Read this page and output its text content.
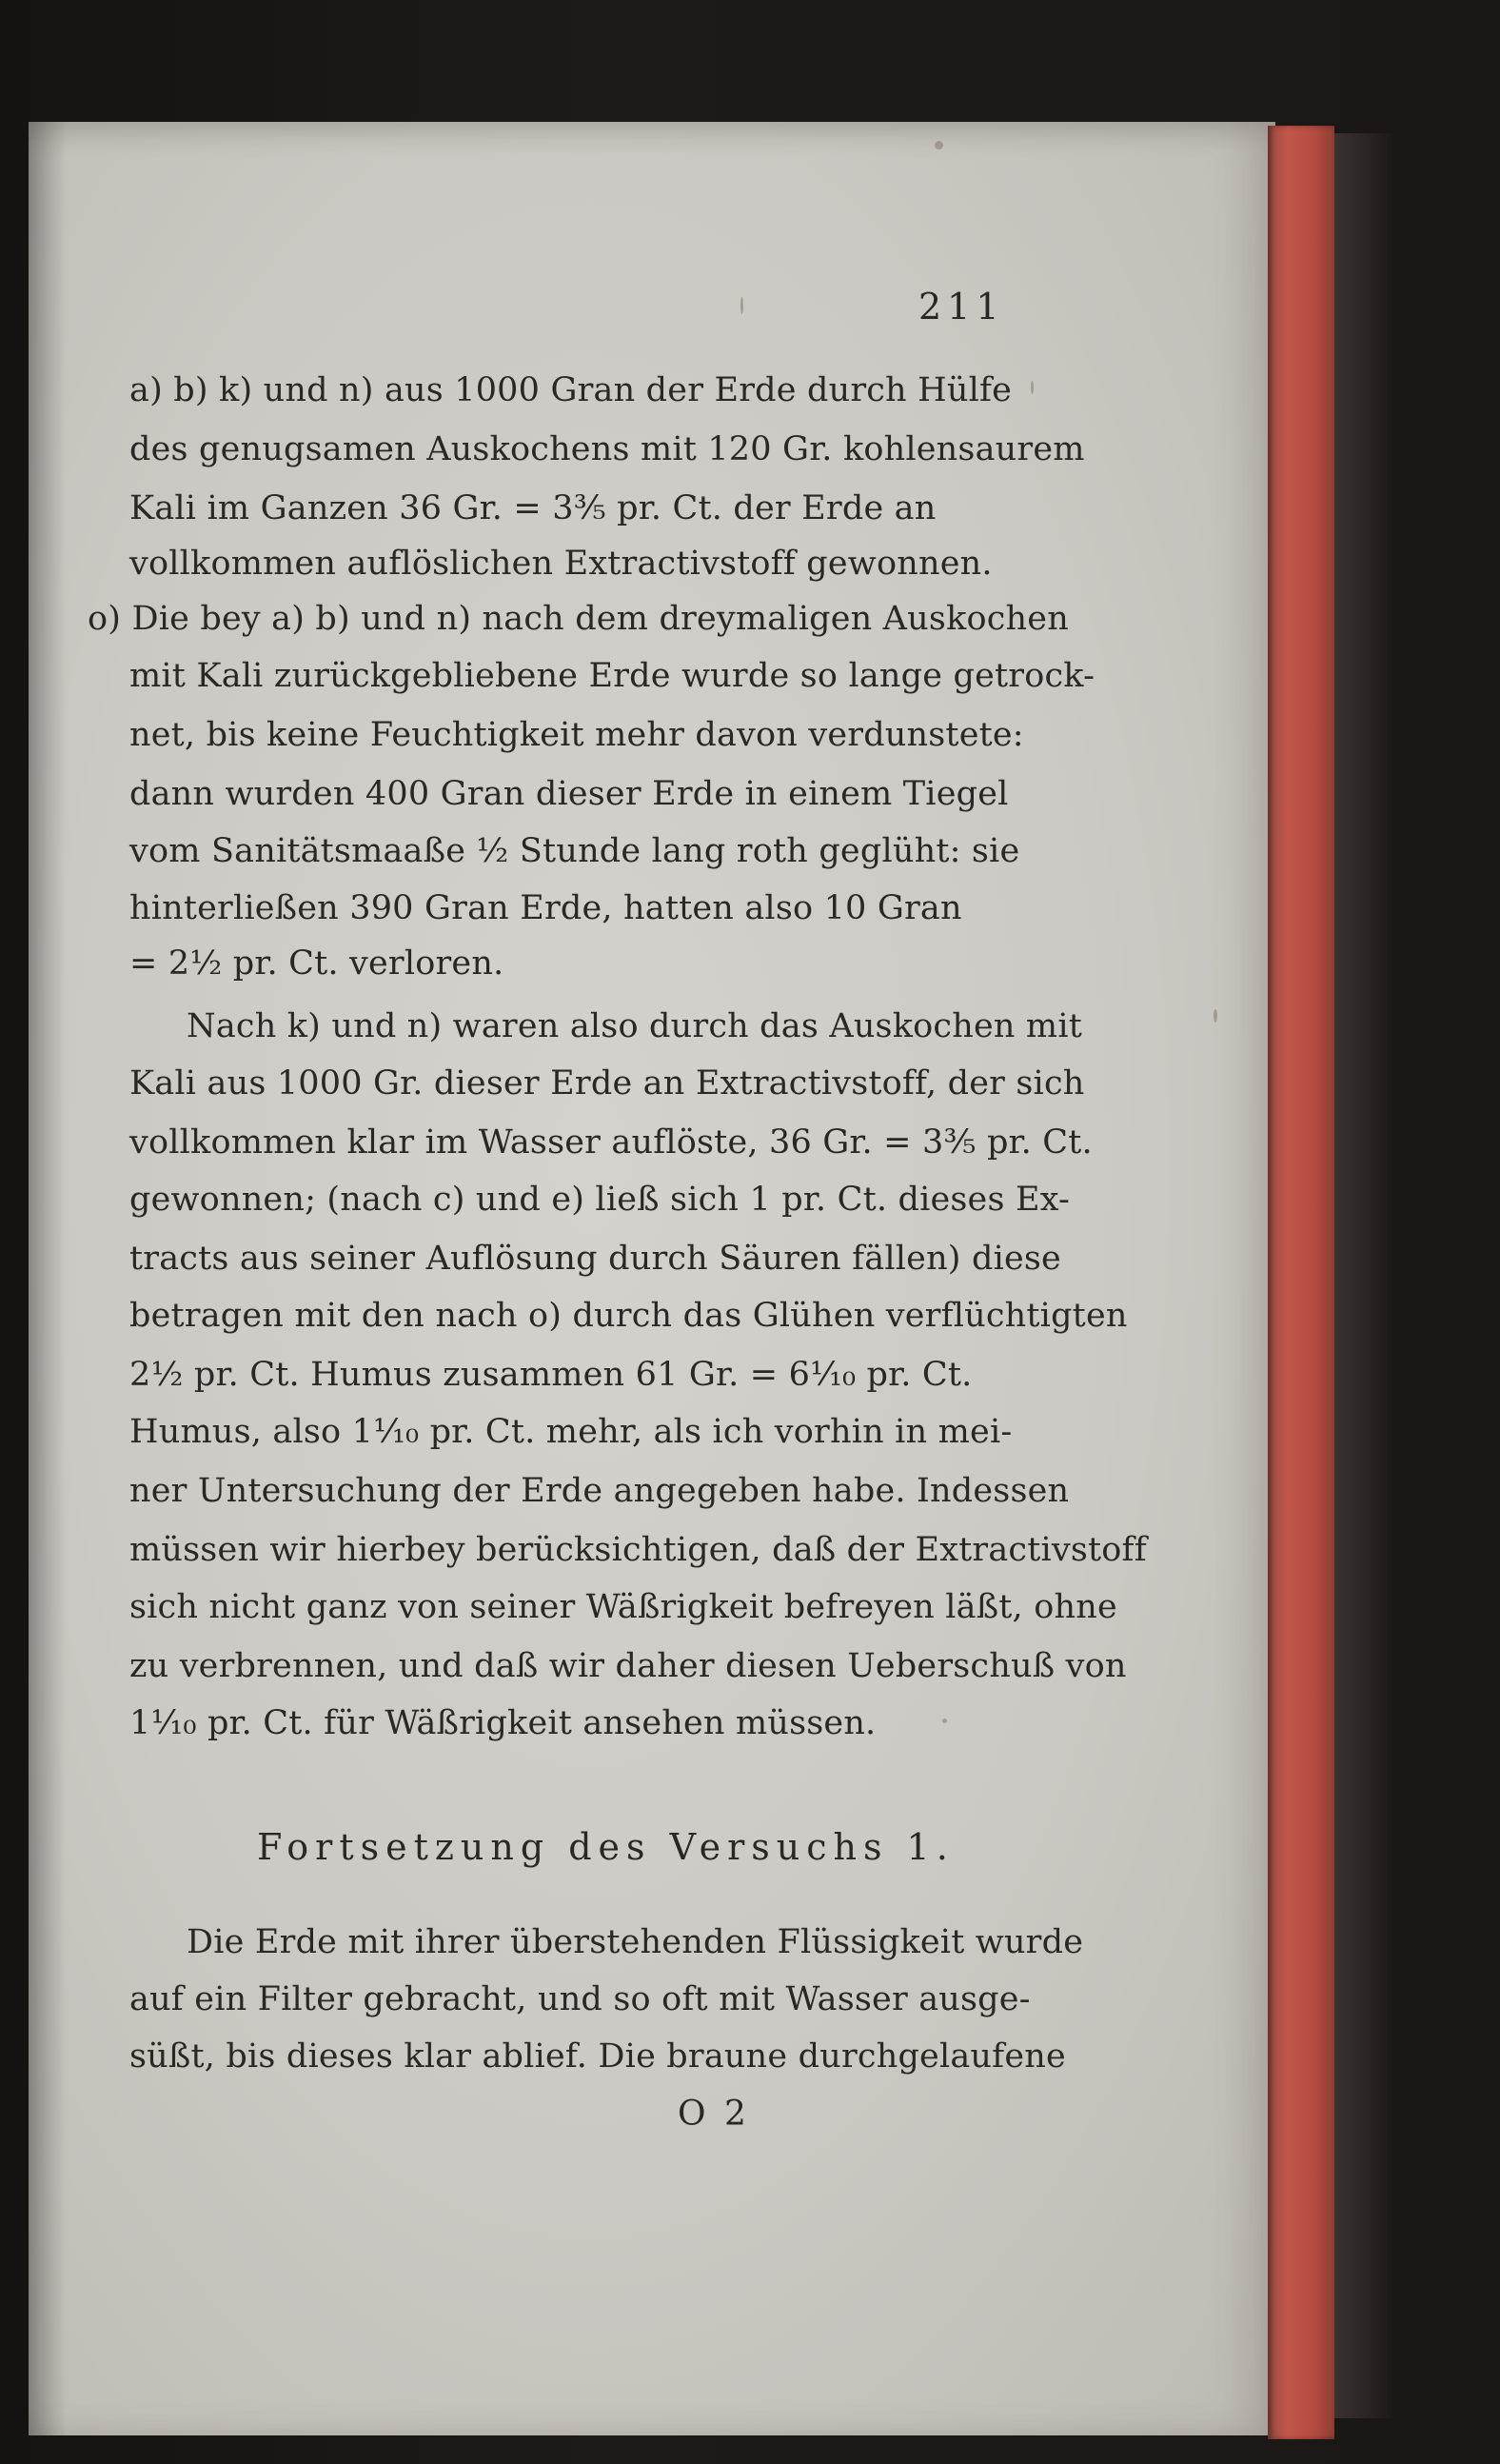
211
a) b) k) und n) aus 1000 Gran der Erde durch Hülfe
des genugsamen Auskochens mit 120 Gr. kohlensaurem
Kali im Ganzen 36 Gr. = 3⅗ pr. Ct. der Erde an
vollkommen auflöslichen Extractivstoff gewonnen.
o) Die bey a) b) und n) nach dem dreymaligen Auskochen
mit Kali zurückgebliebene Erde wurde so lange getrock-
net, bis keine Feuchtigkeit mehr davon verdunstete:
dann wurden 400 Gran dieser Erde in einem Tiegel
vom Sanitätsmaaße ½ Stunde lang roth geglüht: sie
hinterließen 390 Gran Erde, hatten also 10 Gran
= 2½ pr. Ct. verloren.
Nach k) und n) waren also durch das Auskochen mit
Kali aus 1000 Gr. dieser Erde an Extractivstoff, der sich
vollkommen klar im Wasser auflöste, 36 Gr. = 3⅗ pr. Ct.
gewonnen; (nach c) und e) ließ sich 1 pr. Ct. dieses Ex-
tracts aus seiner Auflösung durch Säuren fällen) diese
betragen mit den nach o) durch das Glühen verflüchtigten
2½ pr. Ct. Humus zusammen 61 Gr. = 6⅒ pr. Ct.
Humus, also 1⅒ pr. Ct. mehr, als ich vorhin in mei-
ner Untersuchung der Erde angegeben habe. Indessen
müssen wir hierbey berücksichtigen, daß der Extractivstoff
sich nicht ganz von seiner Wäßrigkeit befreyen läßt, ohne
zu verbrennen, und daß wir daher diesen Ueberschuß von
1⅒ pr. Ct. für Wäßrigkeit ansehen müssen.
Fortsetzung des Versuchs 1.
Die Erde mit ihrer überstehenden Flüssigkeit wurde
auf ein Filter gebracht, und so oft mit Wasser ausge-
süßt, bis dieses klar ablief. Die braune durchgelaufene
O 2
